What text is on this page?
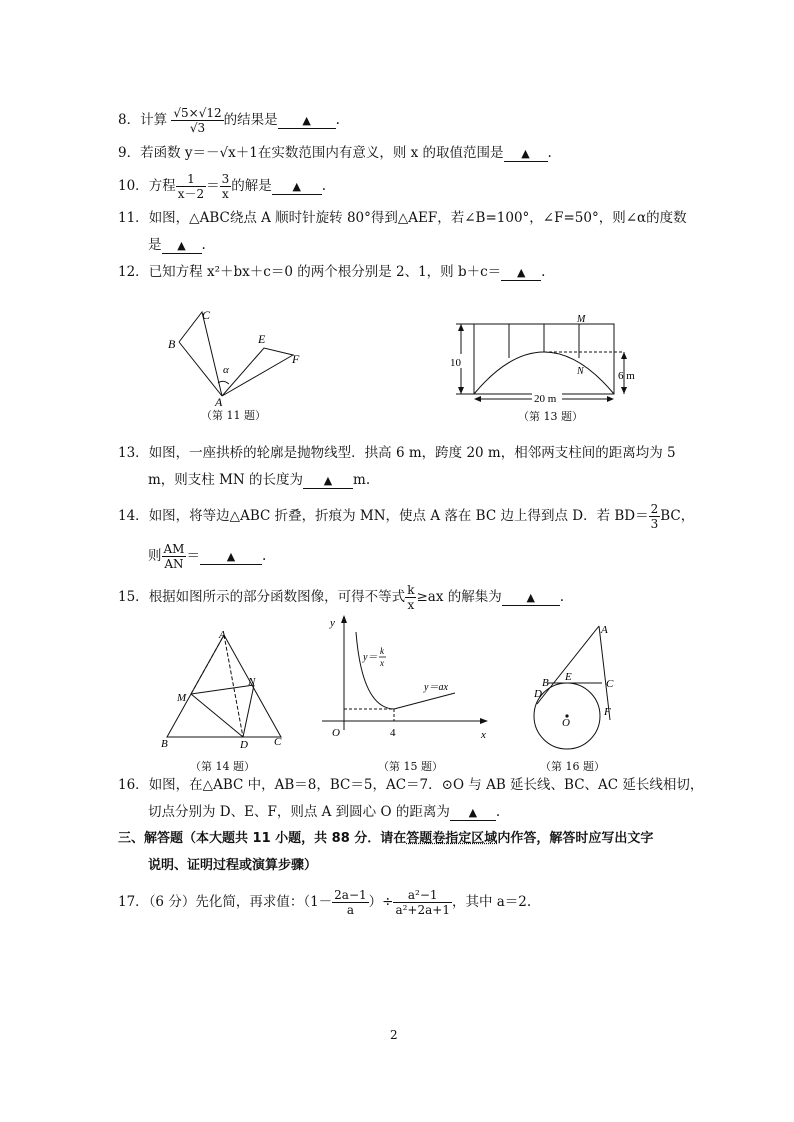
8．计算 $\frac{√5\times√12}{√3}$ 的结果是 ▲ .
9．若函数 y＝－√x＋1在实数范围内有意义，则 x 的取值范围是 ▲ .
10．方程 $\frac{1}{x-2} = \frac{3}{x}$ 的解是 ▲ .
11．如图，△ABC绕点 A 顺时针旋转 80°得到△AEF，若∠B=100°，∠F=50°，则∠α的度数
是 ▲ .
12．已知方程 x²＋bx＋c＝0 的两个根分别是 2、1，则 b＋c＝ ▲ .
B
C
A
E
F
α
（第 11 题）
10
6 m
20 m
M
N
（第 13 题）
13．如图，一座拱桥的轮廓是抛物线型．拱高 6 m，跨度 20 m，相邻两支柱间的距离均为 5
m，则支柱 MN 的长度为 ▲ m.
14．如图，将等边△ABC 折叠，折痕为 MN，使点 A 落在 BC 边上得到点 D．若 $BD= \frac{2}{3}$ BC，
则 $\frac{AM}{AN}$ ＝ ▲ .
15．根据如图所示的部分函数图像，可得不等式 $\frac{k}{x} \ge ax$ 的解集为 ▲ .
A
B	C
D
M
N
（第 14 题）
y
x
O	4
y＝
k
x
y＝ax
（第 15 题）
A
B	C
D
E
F
O
（第 16 题）
16．如图，在△ABC 中，AB＝8，BC＝5，AC＝7．⊙O 与 AB 延长线、BC、AC 延长线相切，
切点分别为 D、E、F，则点 A 到圆心 O 的距离为 ▲ .
三、解答题（本大题共 11 小题，共 88 分．请在答题卷指定区域内作答，解答时应写出文字
说明、证明过程或演算步骤）
17．（6 分）先化简，再求值：（$1- \frac{2a-1}{a}$ ）÷ $\frac{\text{a²−1}}{\text{a²+2a+1}}$ ，其中 a＝2.
2
